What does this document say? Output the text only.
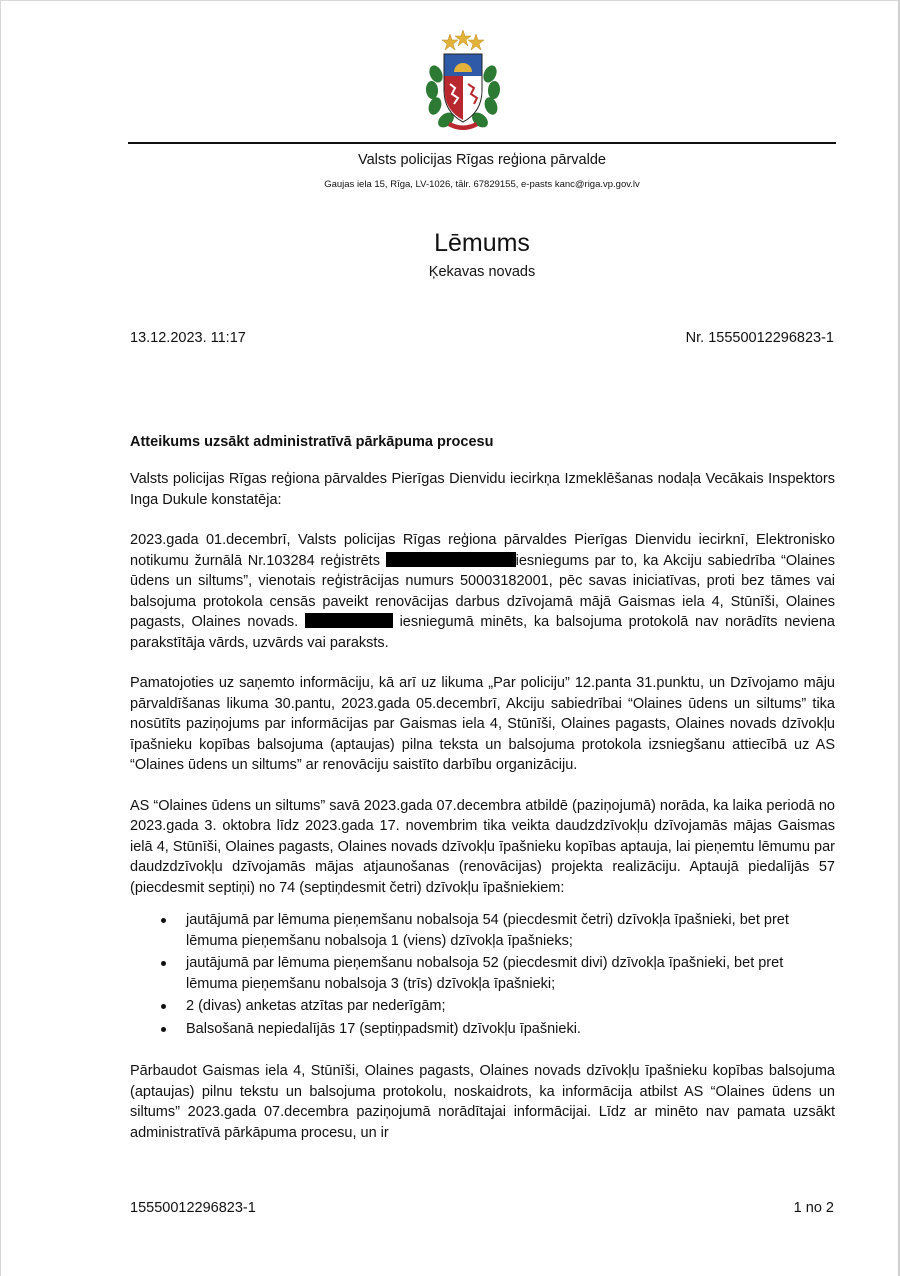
Valsts policijas Rīgas reģiona pārvalde
Gaujas iela 15, Rīga, LV-1026, tālr. 67829155, e-pasts kanc@riga.vp.gov.lv
Lēmums
Ķekavas novads
13.12.2023. 11:17	Nr. 15550012296823-1
Atteikums uzsākt administratīvā pārkāpuma procesu

Valsts policijas Rīgas reģiona pārvaldes Pierīgas Dienvidu iecirkņa Izmeklēšanas nodaļa Vecākais Inspektors Inga Dukule konstatēja:

2023.gada 01.decembrī, Valsts policijas Rīgas reģiona pārvaldes Pierīgas Dienvidu iecirknī, Elektronisko notikumu žurnālā Nr.103284 reģistrēts	iesniegums par to, ka Akciju sabiedrība “Olaines ūdens un siltums”, vienotais reģistrācijas numurs 50003182001, pēc savas iniciatīvas, proti bez tāmes vai balsojuma protokola censās paveikt renovācijas darbus dzīvojamā mājā Gaismas iela 4, Stūnīši, Olaines pagasts, Olaines novads.	iesniegumā minēts, ka balsojuma protokolā nav norādīts neviena parakstītāja vārds, uzvārds vai paraksts.

Pamatojoties uz saņemto informāciju, kā arī uz likuma „Par policiju” 12.panta 31.punktu, un Dzīvojamo māju pārvaldīšanas likuma 30.pantu, 2023.gada 05.decembrī, Akciju sabiedrībai “Olaines ūdens un siltums” tika nosūtīts paziņojums par informācijas par Gaismas iela 4, Stūnīši, Olaines pagasts, Olaines novads dzīvokļu īpašnieku kopības balsojuma (aptaujas) pilna teksta un balsojuma protokola izsniegšanu attiecībā uz AS “Olaines ūdens un siltums” ar renovāciju saistīto darbību organizāciju.

AS “Olaines ūdens un siltums” savā 2023.gada 07.decembra atbildē (paziņojumā) norāda, ka laika periodā no 2023.gada 3. oktobra līdz 2023.gada 17. novembrim tika veikta daudzdzīvokļu dzīvojamās mājas Gaismas ielā 4, Stūnīši, Olaines pagasts, Olaines novads dzīvokļu īpašnieku kopības aptauja, lai pieņemtu lēmumu par daudzdzīvokļu dzīvojamās mājas atjaunošanas (renovācijas) projekta realizāciju. Aptaujā piedalījās 57 (piecdesmit septiņi) no 74 (septiņdesmit četri) dzīvokļu īpašniekiem:

jautājumā par lēmuma pieņemšanu nobalsoja 54 (piecdesmit četri) dzīvokļa īpašnieki, bet pret lēmuma pieņemšanu nobalsoja 1 (viens) dzīvokļa īpašnieks;
jautājumā par lēmuma pieņemšanu nobalsoja 52 (piecdesmit divi) dzīvokļa īpašnieki, bet pret lēmuma pieņemšanu nobalsoja 3 (trīs) dzīvokļa īpašnieki;
2 (divas) anketas atzītas par nederīgām;
Balsošanā nepiedalījās 17 (septiņpadsmit) dzīvokļu īpašnieki.

Pārbaudot Gaismas iela 4, Stūnīši, Olaines pagasts, Olaines novads dzīvokļu īpašnieku kopības balsojuma (aptaujas) pilnu tekstu un balsojuma protokolu, noskaidrots, ka informācija atbilst AS “Olaines ūdens un siltums” 2023.gada 07.decembra paziņojumā norādītajai informācijai. Līdz ar minēto nav pamata uzsākt administratīvā pārkāpuma procesu, un ir

15550012296823-1	1 no 2
